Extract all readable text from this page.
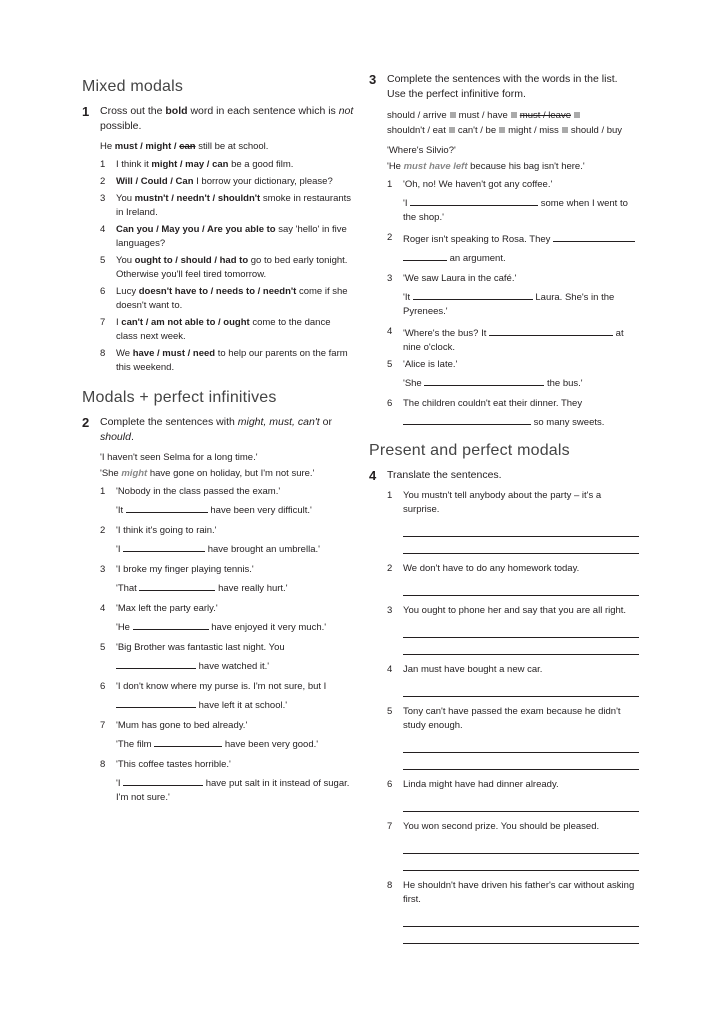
Mixed modals
1	Cross out the bold word in each sentence which is not possible.
He must / might / can still be at school.
1	I think it might / may / can be a good film.
2	Will / Could / Can I borrow your dictionary, please?
3	You mustn't / needn't / shouldn't smoke in restaurants in Ireland.
4	Can you / May you / Are you able to say 'hello' in five languages?
5	You ought to / should / had to go to bed early tonight. Otherwise you'll feel tired tomorrow.
6	Lucy doesn't have to / needs to / needn't come if she doesn't want to.
7	I can't / am not able to / ought come to the dance class next week.
8	We have / must / need to help our parents on the farm this weekend.
Modals + perfect infinitives
2	Complete the sentences with might, must, can't or should.
'I haven't seen Selma for a long time.'
'She might have gone on holiday, but I'm not sure.'
1	'Nobody in the class passed the exam.'
'It	have been very difficult.'
2	'I think it's going to rain.'
'I	have brought an umbrella.'
3	'I broke my finger playing tennis.'
'That	have really hurt.'
4	'Max left the party early.'
'He	have enjoyed it very much.'
5	'Big Brother was fantastic last night. You
have watched it.'
6	'I don't know where my purse is. I'm not sure, but I
have left it at school.'
7	'Mum has gone to bed already.'
'The film	have been very good.'
8	'This coffee tastes horrible.'
'I	have put salt in it instead of sugar. I'm not sure.'
3	Complete the sentences with the words in the list. Use the perfect infinitive form.
should / arrive must / have must / leave
shouldn't / eat can't / be might / miss should / buy
'Where's Silvio?'
'He must have left because his bag isn't here.'
1	'Oh, no! We haven't got any coffee.'
'I	some when I went to the shop.'
2	Roger isn't speaking to Rosa. They
an argument.
3	'We saw Laura in the café.'
'It	Laura. She's in the Pyrenees.'
4	'Where's the bus? It	at nine o'clock.
5	'Alice is late.'
'She	the bus.'
6	The children couldn't eat their dinner. They
so many sweets.
Present and perfect modals
4	Translate the sentences.
1	You mustn't tell anybody about the party – it's a surprise.
2	We don't have to do any homework today.
3	You ought to phone her and say that you are all right.
4	Jan must have bought a new car.
5	Tony can't have passed the exam because he didn't study enough.
6	Linda might have had dinner already.
7	You won second prize. You should be pleased.
8	He shouldn't have driven his father's car without asking first.
